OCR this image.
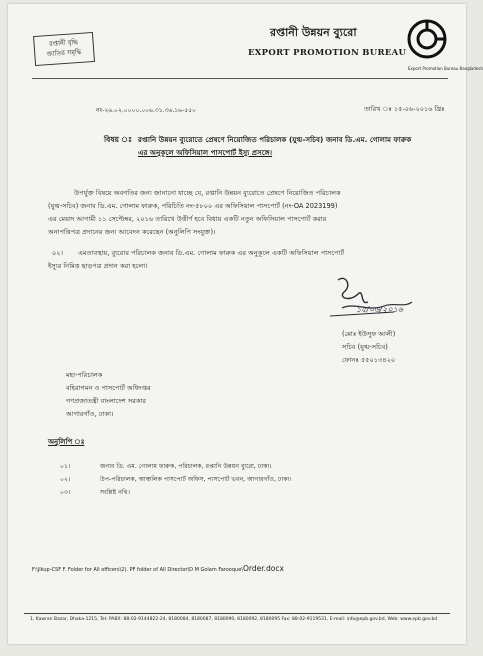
রপ্তানী বৃদ্ধি
জাতির সমৃদ্ধি
রপ্তানী উন্নয়ন ব্যুরো
EXPORT PROMOTION BUREAU
Export Promotion Bureau Bangladesh
নং-২৬.০২.০০০০.০০৬.৩১.৩৬.১৬-৫৫০	তারিখ ঃ ১৫-০৬-২০১৬ খ্রিঃ
বিষয় ঃ রপ্তানি উন্নয়ন ব্যুরোতে প্রেষণে নিয়োজিত পরিচালক (যুগ্ম-সচিব) জনাব ডি.এম. গোলাম ফারুক
এর অনুকূলে অফিসিয়াল পাসপোর্ট ইস্যু প্রসঙ্গে।
উপর্যুক্ত বিষয়ে অবগতির জন্য জানানো যাচ্ছে যে, রপ্তানি উন্নয়ন ব্যুরোতে প্রেষণে নিয়োজিত পরিচালক
(যুগ্ম-সচিব) জনাব ডি.এম. গোলাম ফারুক, পরিচিতি নং-৫৮০০ এর অফিসিয়াল পাসপোর্ট (নং-OA 2023199)
এর মেয়াদ আগামী ১১ সেপ্টেম্বর, ২০১৬ তারিখে উত্তীর্ণ হবে বিধায় একটি নতুন অফিসিয়াল পাসপোর্ট করার
অনাপত্তিপত্র প্রদানের জন্য আবেদন করেছেন (অনুলিপি সংযুক্ত)।
০২। এমতাবস্থায়, ব্যুরোর পরিচালক জনাব ডি.এম. গোলাম ফারুক এর অনুকূলে একটি অফিসিয়াল পাসপোর্ট
ইস্যুর নিমিত্ত ছাড়পত্র প্রদান করা হলো।
১৫/০৬/২০১৬
(মোঃ ইউসুফ আলী)
সচিব (যুগ্ম-সচিব)
ফোনঃ ৫৫০১৩৪২০
মহা-পরিচালক
বহিরাগমন ও পাসপোর্ট অধিদপ্তর
গণপ্রজাতন্ত্রী বাংলাদেশ সরকার
আগারগাঁও, ঢাকা।
অনুলিপি ঃ
০১।	জনাব ডি. এম. গোলাম ফারুক, পরিচালক, রপ্তানি উন্নয়ন ব্যুরো, ঢাকা।
০২।	উপ-পরিচালক, আঞ্চলিক পাসপোর্ট অফিস, পাসপোর্ট ভবন, আগারগাঁও, ঢাকা।
০৩।	সংশ্লিষ্ট নথি।
F:\jlkup-CSF F. Folder for All officers\2). PF folder of All Director\D M Golam Farooque\Order.docx
1, Kawran Bazar, Dhaka-1215, Tel: PABX: 88-02-9144822-24, 8180084, 8180087, 8180090, 8180092, 8180095 Fax: 88-02-9119531, E-mail: info@epb.gov.bd, Web: www.epb.gov.bd
